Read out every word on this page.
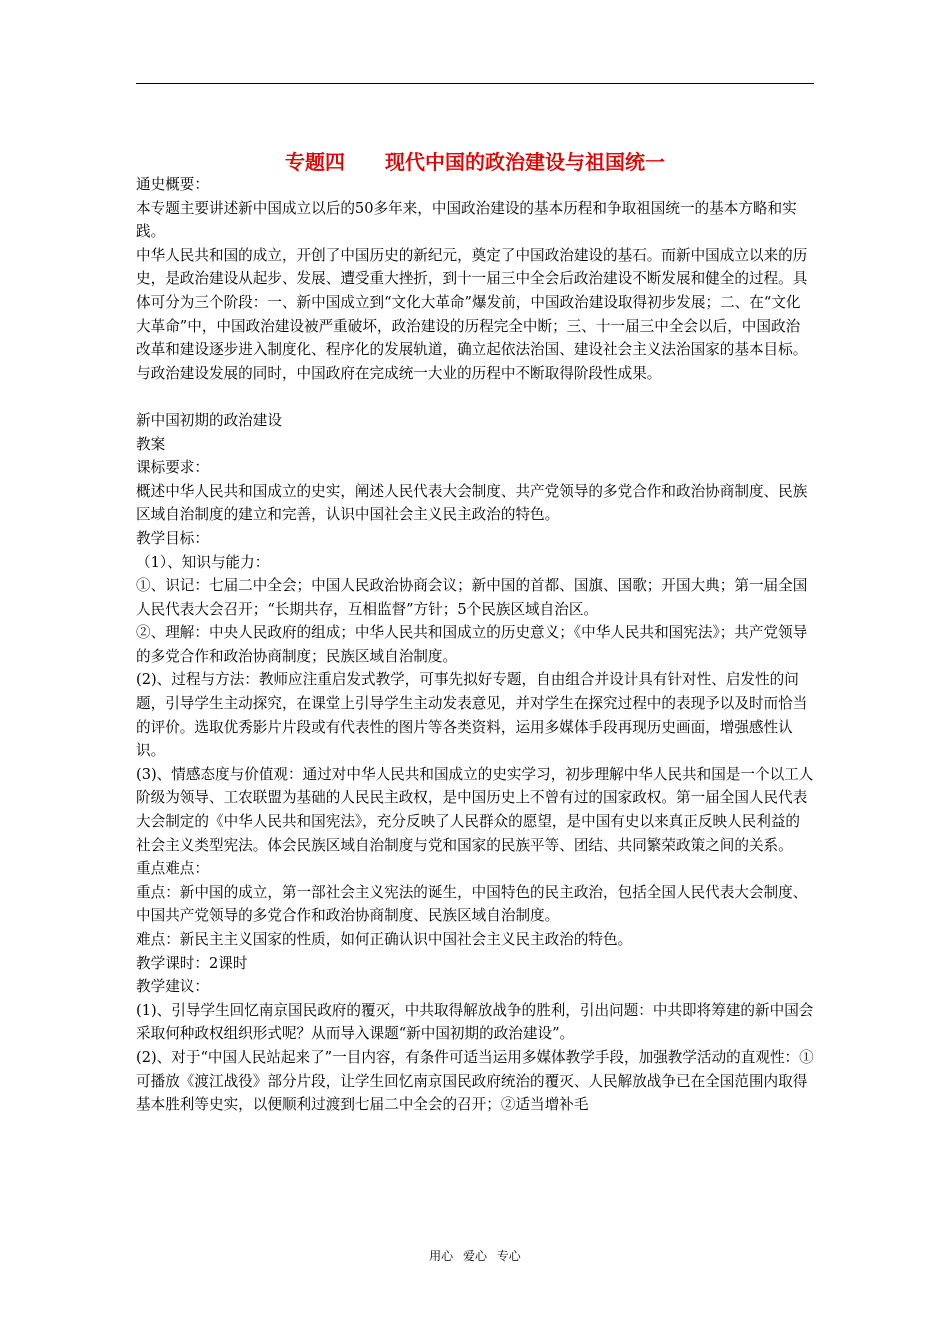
专题四　　现代中国的政治建设与祖国统一

通史概要：

本专题主要讲述新中国成立以后的50多年来，中国政治建设的基本历程和争取祖国统一的基本方略和实践。

中华人民共和国的成立，开创了中国历史的新纪元，奠定了中国政治建设的基石。而新中国成立以来的历史，是政治建设从起步、发展、遭受重大挫折，到十一届三中全会后政治建设不断发展和健全的过程。具体可分为三个阶段：一、新中国成立到“文化大革命”爆发前，中国政治建设取得初步发展；二、在“文化大革命”中，中国政治建设被严重破坏，政治建设的历程完全中断；三、十一届三中全会以后，中国政治改革和建设逐步进入制度化、程序化的发展轨道，确立起依法治国、建设社会主义法治国家的基本目标。与政治建设发展的同时，中国政府在完成统一大业的历程中不断取得阶段性成果。

新中国初期的政治建设

教案

课标要求：

概述中华人民共和国成立的史实，阐述人民代表大会制度、共产党领导的多党合作和政治协商制度、民族区域自治制度的建立和完善，认识中国社会主义民主政治的特色。

教学目标：

（1）、知识与能力：

①、识记：七届二中全会；中国人民政治协商会议；新中国的首都、国旗、国歌；开国大典；第一届全国人民代表大会召开；“长期共存，互相监督”方针；5个民族区域自治区。

②、理解：中央人民政府的组成；中华人民共和国成立的历史意义；《中华人民共和国宪法》；共产党领导的多党合作和政治协商制度；民族区域自治制度。

(2)、过程与方法：教师应注重启发式教学，可事先拟好专题，自由组合并设计具有针对性、启发性的问题，引导学生主动探究，在课堂上引导学生主动发表意见，并对学生在探究过程中的表现予以及时而恰当的评价。选取优秀影片片段或有代表性的图片等各类资料，运用多媒体手段再现历史画面，增强感性认识。

(3)、情感态度与价值观：通过对中华人民共和国成立的史实学习，初步理解中华人民共和国是一个以工人阶级为领导、工农联盟为基础的人民民主政权，是中国历史上不曾有过的国家政权。第一届全国人民代表大会制定的《中华人民共和国宪法》，充分反映了人民群众的愿望，是中国有史以来真正反映人民利益的社会主义类型宪法。体会民族区域自治制度与党和国家的民族平等、团结、共同繁荣政策之间的关系。

重点难点：

重点：新中国的成立，第一部社会主义宪法的诞生，中国特色的民主政治，包括全国人民代表大会制度、中国共产党领导的多党合作和政治协商制度、民族区域自治制度。

难点：新民主主义国家的性质，如何正确认识中国社会主义民主政治的特色。

教学课时：2课时

教学建议：

(1)、引导学生回忆南京国民政府的覆灭，中共取得解放战争的胜利，引出问题：中共即将筹建的新中国会采取何种政权组织形式呢？从而导入课题“新中国初期的政治建设”。

(2)、对于“中国人民站起来了”一目内容，有条件可适当运用多媒体教学手段，加强教学活动的直观性：①可播放《渡江战役》部分片段，让学生回忆南京国民政府统治的覆灭、人民解放战争已在全国范围内取得基本胜利等史实，以便顺利过渡到七届二中全会的召开；②适当增补毛

用心 爱心 专心
